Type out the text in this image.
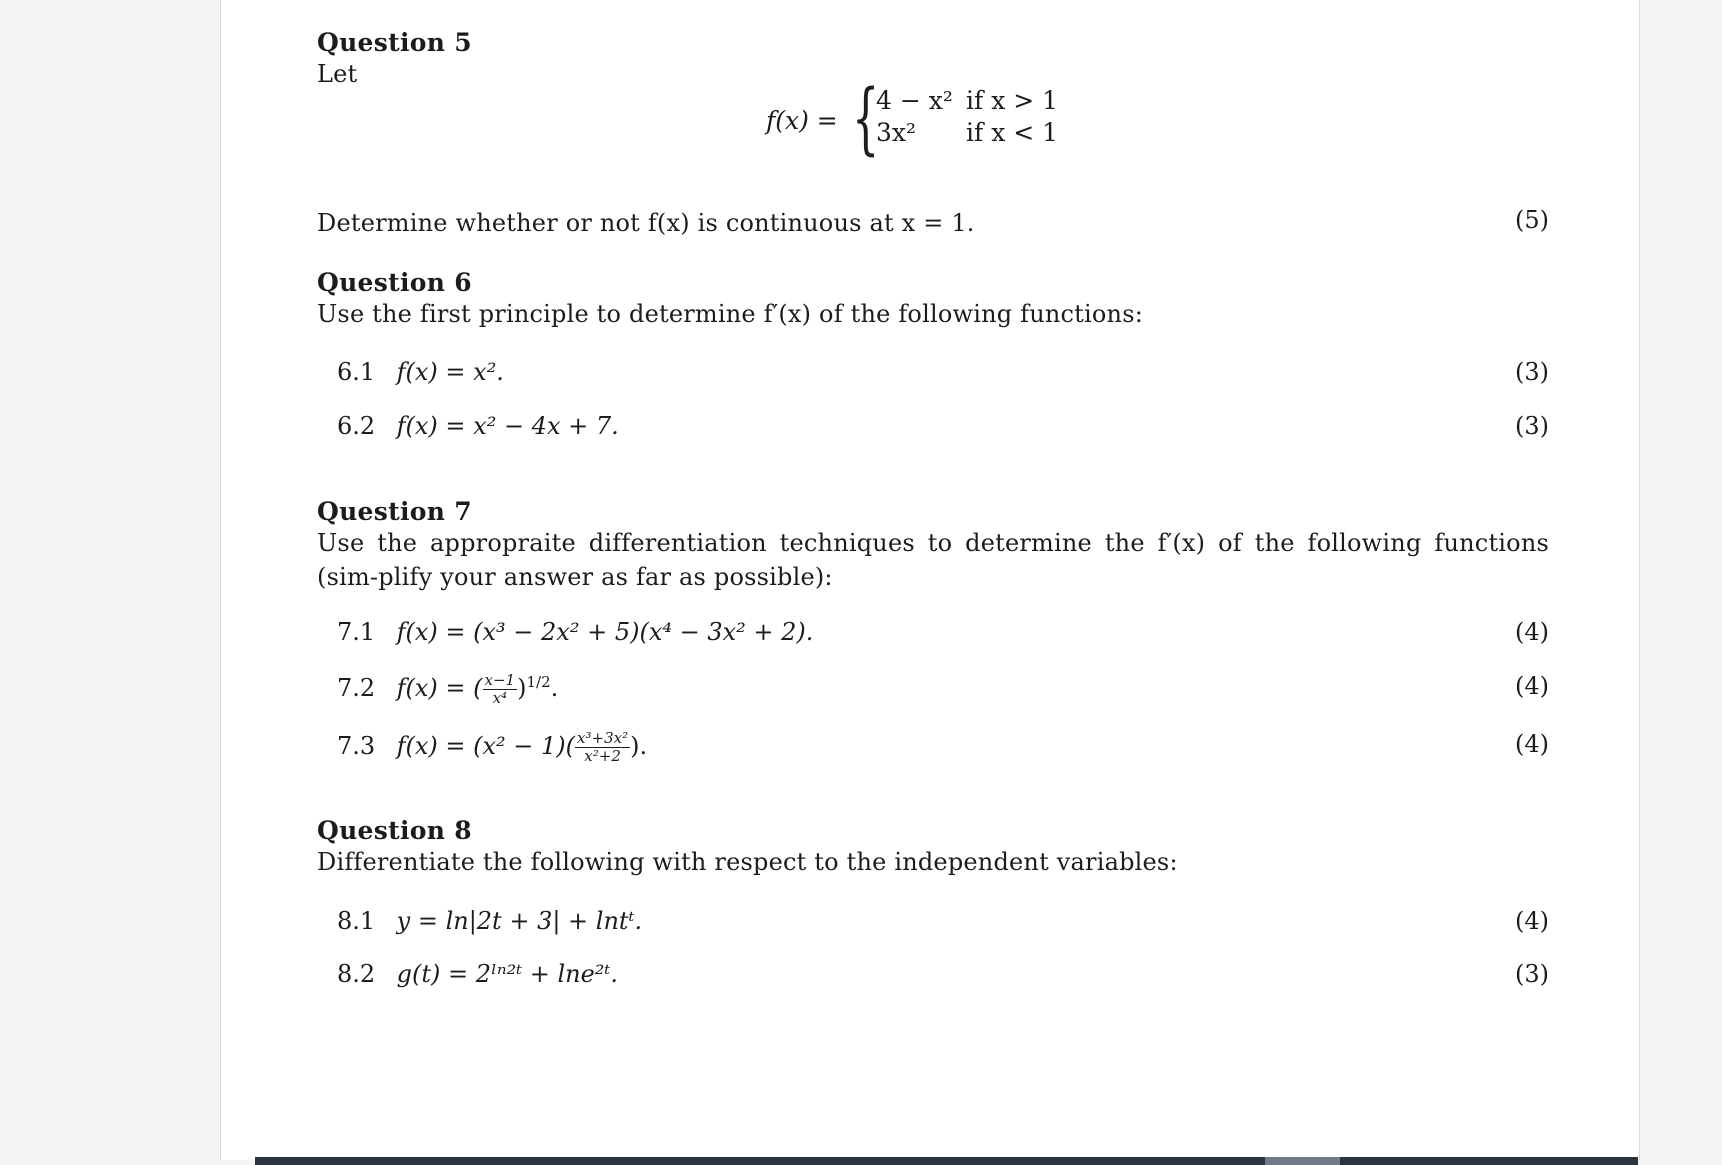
Question 5
Let
f(x) = {
4 − x² if x > 1
3x² if x < 1
Determine whether or not f(x) is continuous at x = 1.	(5)
Question 6
Use the first principle to determine f′(x) of the following functions:
6.1 f(x) = x².	(3)
6.2 f(x) = x² − 4x + 7.	(3)
Question 7
Use the appropraite differentiation techniques to determine the f′(x) of the following functions (sim-plify your answer as far as possible):
7.1 f(x) = (x³ − 2x² + 5)(x⁴ − 3x² + 2).	(4)
7.2 f(x) = ( $\frac{x-1}{\text{x⁴}} )^{1/2}$.	(4)
7.3 $f(x) = (x^2 - 1)( \frac{\text{x³+3x²}}{\text{x²+2}}$ ).	(4)
Question 8
Differentiate the following with respect to the independent variables:
8.1 y = ln|2t + 3| + lntᵗ.	(4)
8.2 g(t) = 2ˡⁿ²ᵗ + lne²ᵗ.	(3)
